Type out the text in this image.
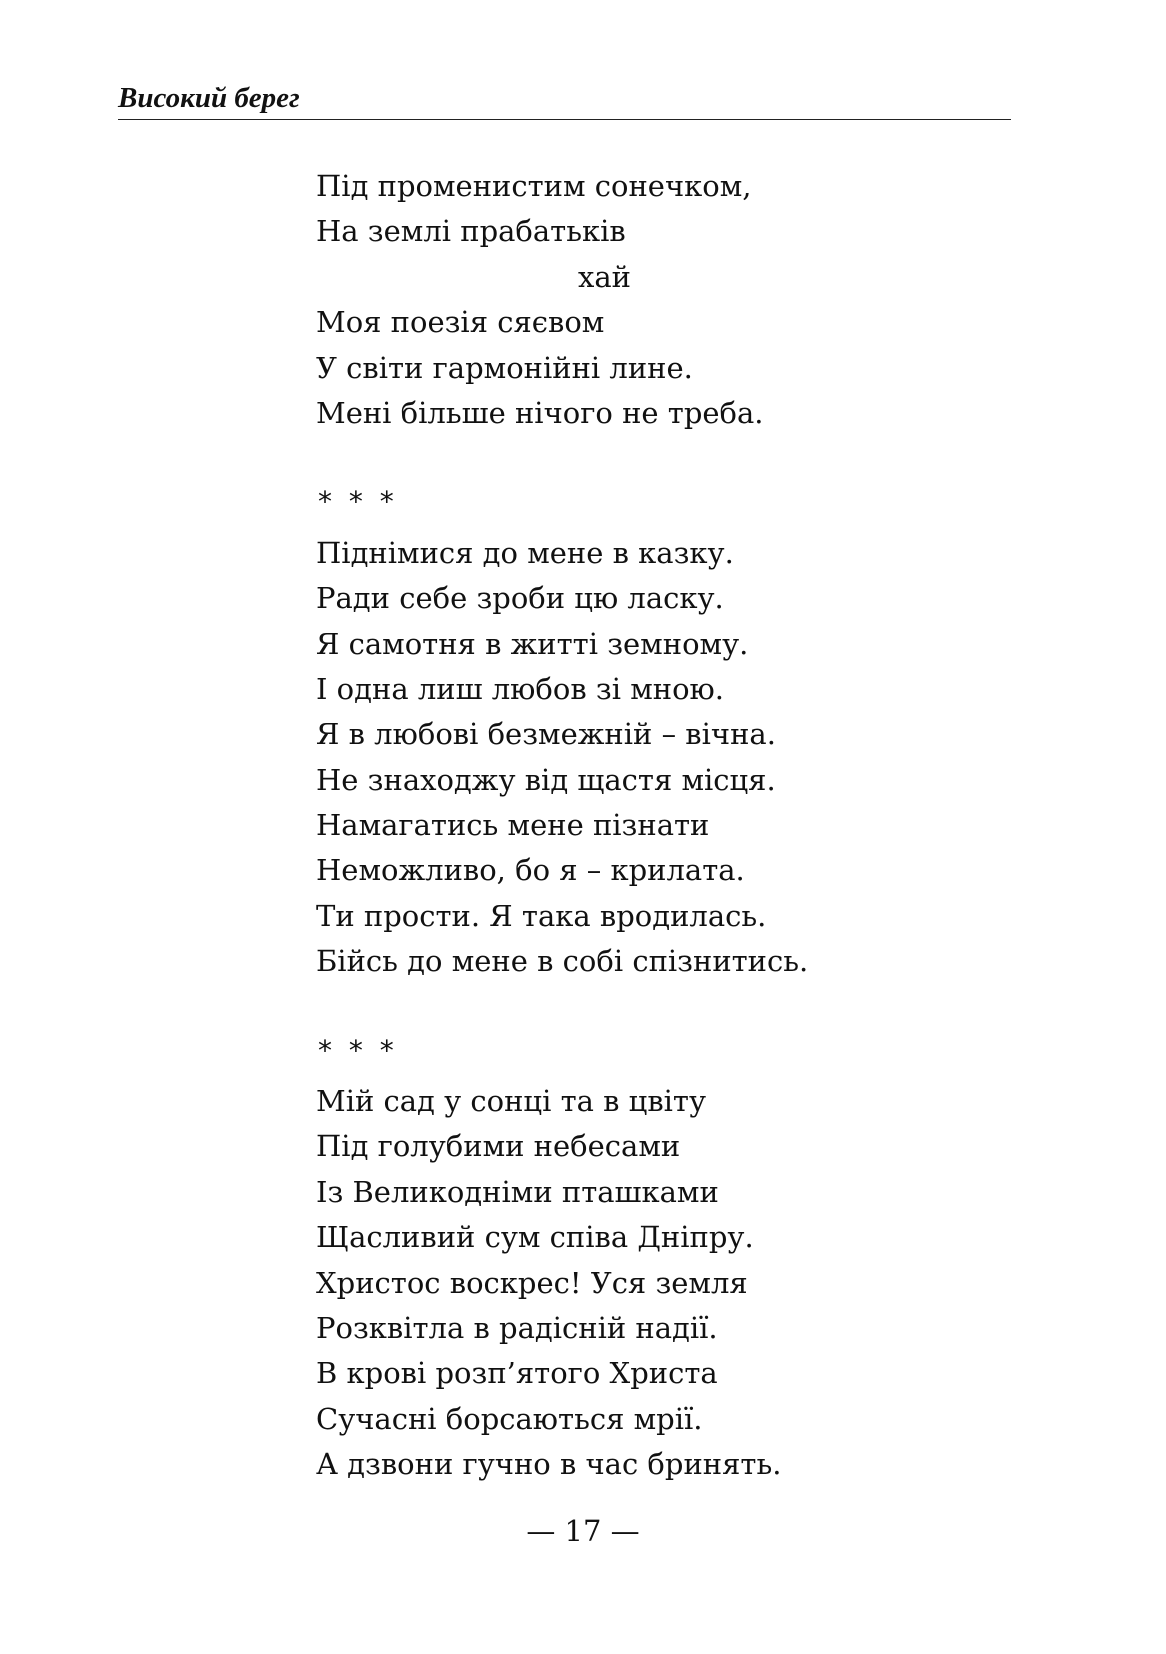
Високий берег

Під променистим сонечком,

На землі прабатьків

хай

Моя поезія сяєвом

У світи гармонійні лине.

Мені більше нічого не треба.

* * *

Піднімися до мене в казку.

Ради себе зроби цю ласку.

Я самотня в житті земному.

І одна лиш любов зі мною.

Я в любові безмежній – вічна.

Не знаходжу від щастя місця.

Намагатись мене пізнати

Неможливо, бо я – крилата.

Ти прости. Я така вродилась.

Бійсь до мене в собі спізнитись.

* * *

Мій сад у сонці та в цвіту

Під голубими небесами

Із Великодніми пташками

Щасливий сум співа Дніпру.

Христос воскрес! Уся земля

Розквітла в радісній надії.

В крові розп’ятого Христа

Сучасні борсаються мрії.

А дзвони гучно в час бринять.

— 17 —
